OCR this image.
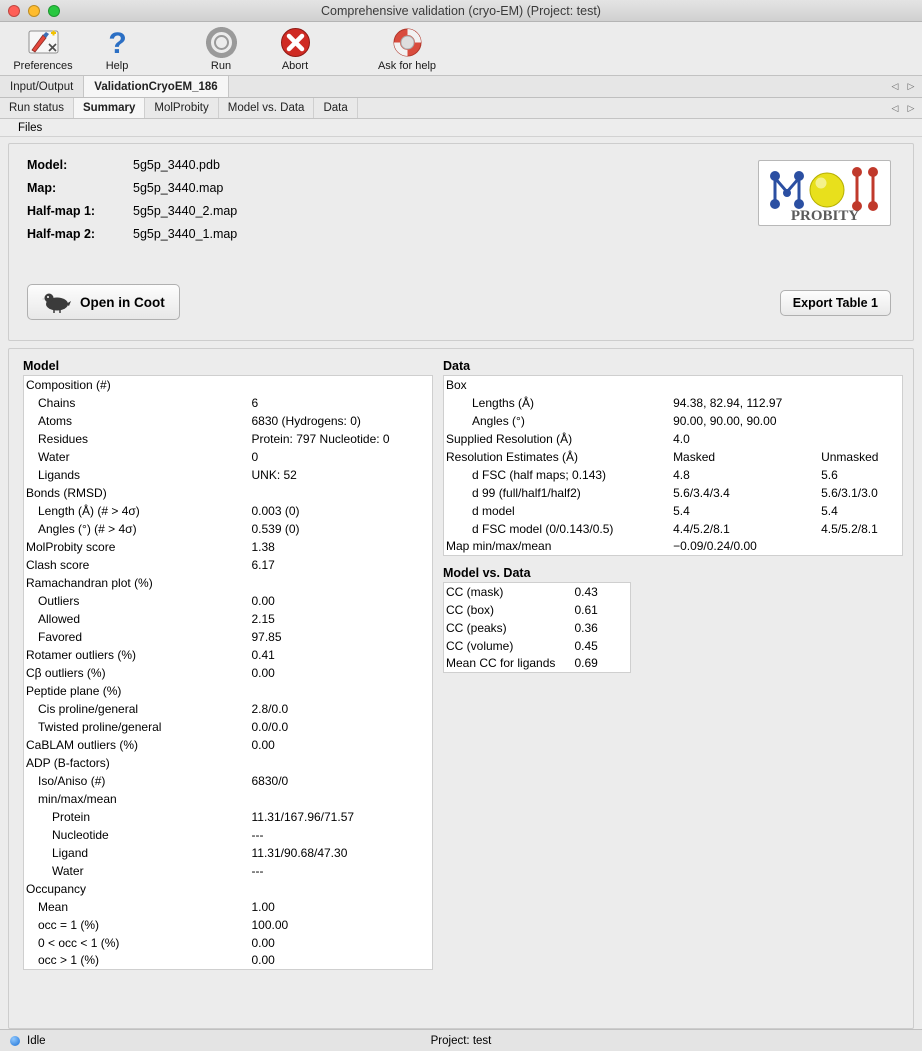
Comprehensive validation (cryo-EM) (Project: test)
Preferences
?
Help	Run	Abort	Ask for help
Input/Output	ValidationCryoEM_186	◁	▷
Run status	Summary	MolProbity	Model vs. Data	Data	◁	▷
Files
Model:	5g5p_3440.pdb
Map:	5g5p_3440.map
Half-map 1:	5g5p_3440_2.map
Half-map 2:	5g5p_3440_1.map
PROBITY
Open in Coot	Export Table 1
Model
Composition (#)	
Chains	6
Atoms	6830 (Hydrogens: 0)
Residues	Protein: 797 Nucleotide: 0
Water	0
Ligands	UNK: 52
Bonds (RMSD)	
Length (Å) (# > 4σ)	0.003 (0)
Angles (°) (# > 4σ)	0.539 (0)
MolProbity score	1.38
Clash score	6.17
Ramachandran plot (%)	
Outliers	0.00
Allowed	2.15
Favored	97.85
Rotamer outliers (%)	0.41
Cβ outliers (%)	0.00
Peptide plane (%)	
Cis proline/general	2.8/0.0
Twisted proline/general	0.0/0.0
CaBLAM outliers (%)	0.00
ADP (B-factors)	
Iso/Aniso (#)	6830/0
min/max/mean	
Protein	11.31/167.96/71.57
Nucleotide	---
Ligand	11.31/90.68/47.30
Water	---
Occupancy	
Mean	1.00
occ = 1 (%)	100.00
0 < occ < 1 (%)	0.00
occ > 1 (%)	0.00
Data
Box		
Lengths (Å)	94.38, 82.94, 112.97	
Angles (°)	90.00, 90.00, 90.00	
Supplied Resolution (Å)	4.0	
Resolution Estimates (Å)	Masked	Unmasked
d FSC (half maps; 0.143)	4.8	5.6
d 99 (full/half1/half2)	5.6/3.4/3.4	5.6/3.1/3.0
d model	5.4	5.4
d FSC model (0/0.143/0.5)	4.4/5.2/8.1	4.5/5.2/8.1
Map min/max/mean	−0.09/0.24/0.00	
Model vs. Data
CC (mask)	0.43
CC (box)	0.61
CC (peaks)	0.36
CC (volume)	0.45
Mean CC for ligands	0.69
Idle	Project: test
